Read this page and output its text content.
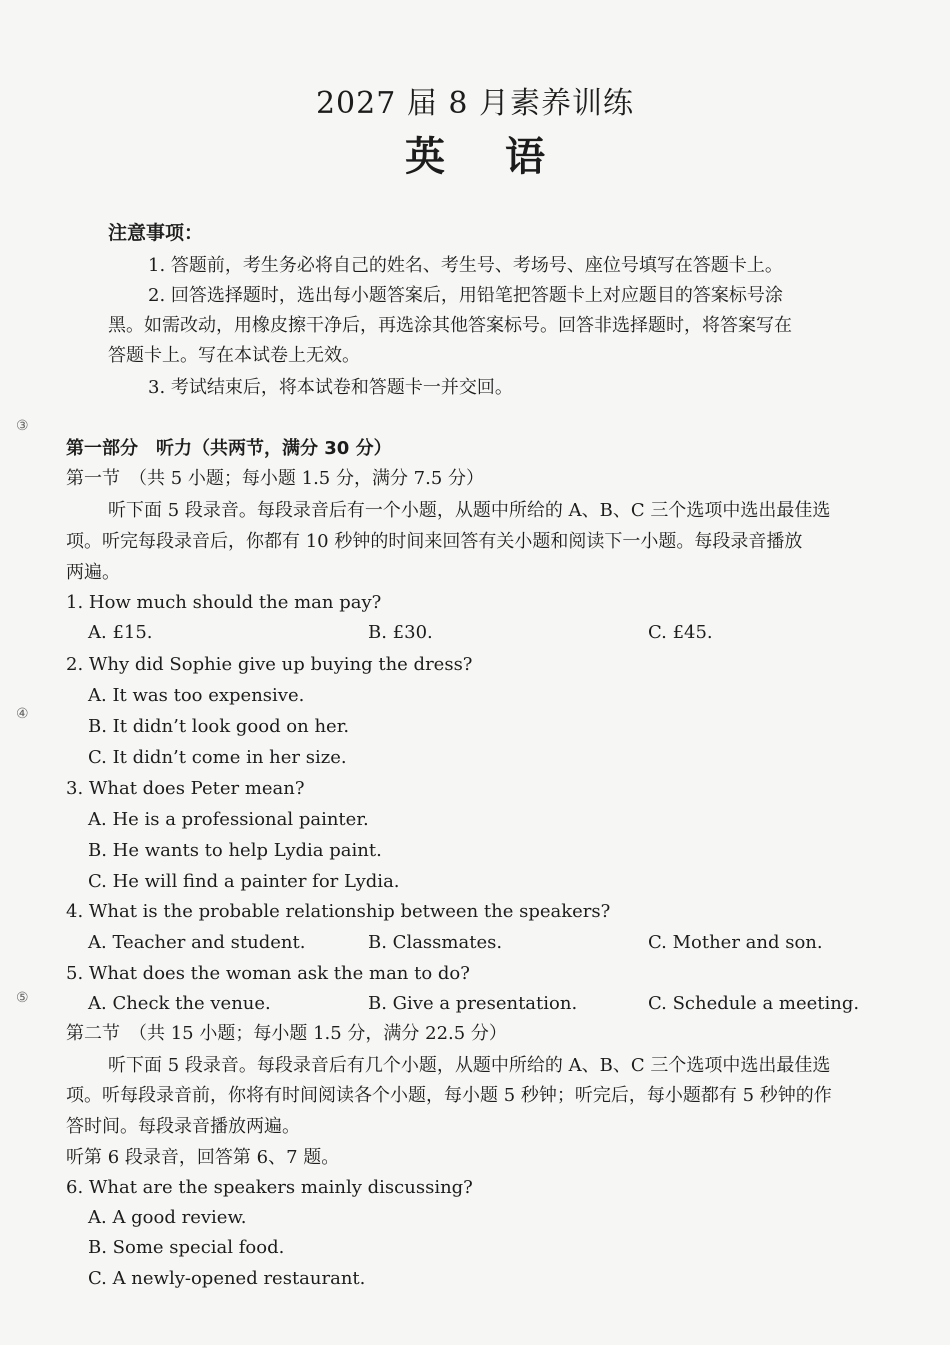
2027 届 8 月素养训练
英语
注意事项：
1. 答题前，考生务必将自己的姓名、考生号、考场号、座位号填写在答题卡上。
2. 回答选择题时，选出每小题答案后，用铅笔把答题卡上对应题目的答案标号涂
黑。如需改动，用橡皮擦干净后，再选涂其他答案标号。回答非选择题时，将答案写在
答题卡上。写在本试卷上无效。
3. 考试结束后，将本试卷和答题卡一并交回。
③
④
⑤
第一部分　听力（共两节，满分 30 分）
第一节　（共 5 小题；每小题 1.5 分，满分 7.5 分）
听下面 5 段录音。每段录音后有一个小题，从题中所给的 A、B、C 三个选项中选出最佳选
项。听完每段录音后，你都有 10 秒钟的时间来回答有关小题和阅读下一小题。每段录音播放
两遍。
1. How much should the man pay?
A. £15.	B. £30.	C. £45.
2. Why did Sophie give up buying the dress?
A. It was too expensive.
B. It didn’t look good on her.
C. It didn’t come in her size.
3. What does Peter mean?
A. He is a professional painter.
B. He wants to help Lydia paint.
C. He will find a painter for Lydia.
4. What is the probable relationship between the speakers?
A. Teacher and student.	B. Classmates.	C. Mother and son.
5. What does the woman ask the man to do?
A. Check the venue.	B. Give a presentation.	C. Schedule a meeting.
第二节　（共 15 小题；每小题 1.5 分，满分 22.5 分）
听下面 5 段录音。每段录音后有几个小题，从题中所给的 A、B、C 三个选项中选出最佳选
项。听每段录音前，你将有时间阅读各个小题，每小题 5 秒钟；听完后，每小题都有 5 秒钟的作
答时间。每段录音播放两遍。
听第 6 段录音，回答第 6、7 题。
6. What are the speakers mainly discussing?
A. A good review.
B. Some special food.
C. A newly-opened restaurant.
